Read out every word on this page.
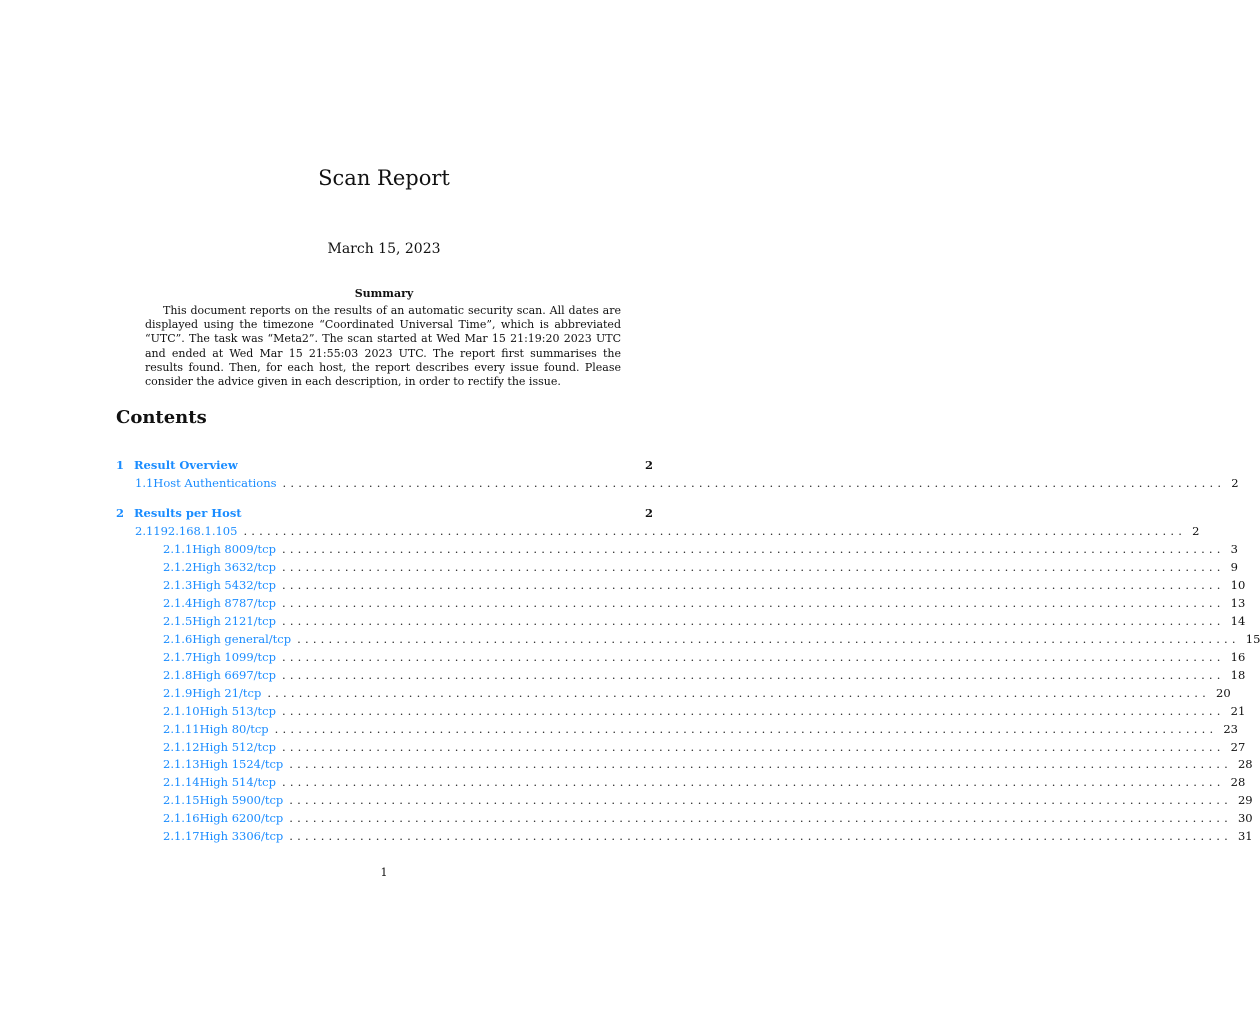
Scan Report
March 15, 2023
Summary
This document reports on the results of an automatic security scan. All dates are displayed using the timezone “Coordinated Universal Time”, which is abbreviated “UTC”. The task was “Meta2”. The scan started at Wed Mar 15 21:19:20 2023 UTC and ended at Wed Mar 15 21:55:03 2023 UTC. The report first summarises the results found. Then, for each host, the report describes every issue found. Please consider the advice given in each description, in order to rectify the issue.
Contents
1 Result Overview	2
1.1 Host Authentications ........................................................................................................................ 2
2 Results per Host	2
2.1 192.168.1.105 ........................................................................................................................ 2
2.1.1 High 8009/tcp ........................................................................................................................ 3
2.1.2 High 3632/tcp ........................................................................................................................ 9
2.1.3 High 5432/tcp ........................................................................................................................ 10
2.1.4 High 8787/tcp ........................................................................................................................ 13
2.1.5 High 2121/tcp ........................................................................................................................ 14
2.1.6 High general/tcp ........................................................................................................................ 15
2.1.7 High 1099/tcp ........................................................................................................................ 16
2.1.8 High 6697/tcp ........................................................................................................................ 18
2.1.9 High 21/tcp ........................................................................................................................ 20
2.1.10 High 513/tcp ........................................................................................................................ 21
2.1.11 High 80/tcp ........................................................................................................................ 23
2.1.12 High 512/tcp ........................................................................................................................ 27
2.1.13 High 1524/tcp ........................................................................................................................ 28
2.1.14 High 514/tcp ........................................................................................................................ 28
2.1.15 High 5900/tcp ........................................................................................................................ 29
2.1.16 High 6200/tcp ........................................................................................................................ 30
2.1.17 High 3306/tcp ........................................................................................................................ 31
1
